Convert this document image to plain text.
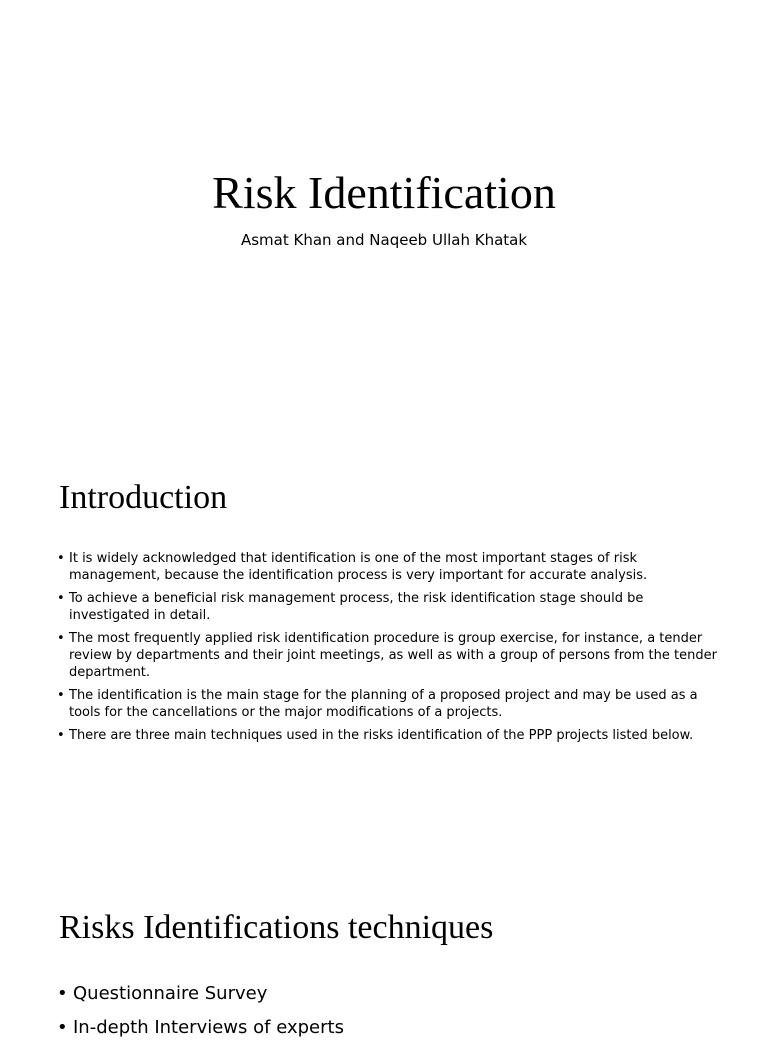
Risk Identification
Asmat Khan and Naqeeb Ullah Khatak
Introduction
• It is widely acknowledged that identification is one of the most important stages of risk management, because the identification process is very important for accurate analysis.
• To achieve a beneficial risk management process, the risk identification stage should be investigated in detail.
• The most frequently applied risk identification procedure is group exercise, for instance, a tender review by departments and their joint meetings, as well as with a group of persons from the tender department.
• The identification is the main stage for the planning of a proposed project and may be used as a tools for the cancellations or the major modifications of a projects.
• There are three main techniques used in the risks identification of the PPP projects listed below.
Risks Identifications techniques
• Questionnaire Survey
• In-depth Interviews of experts
